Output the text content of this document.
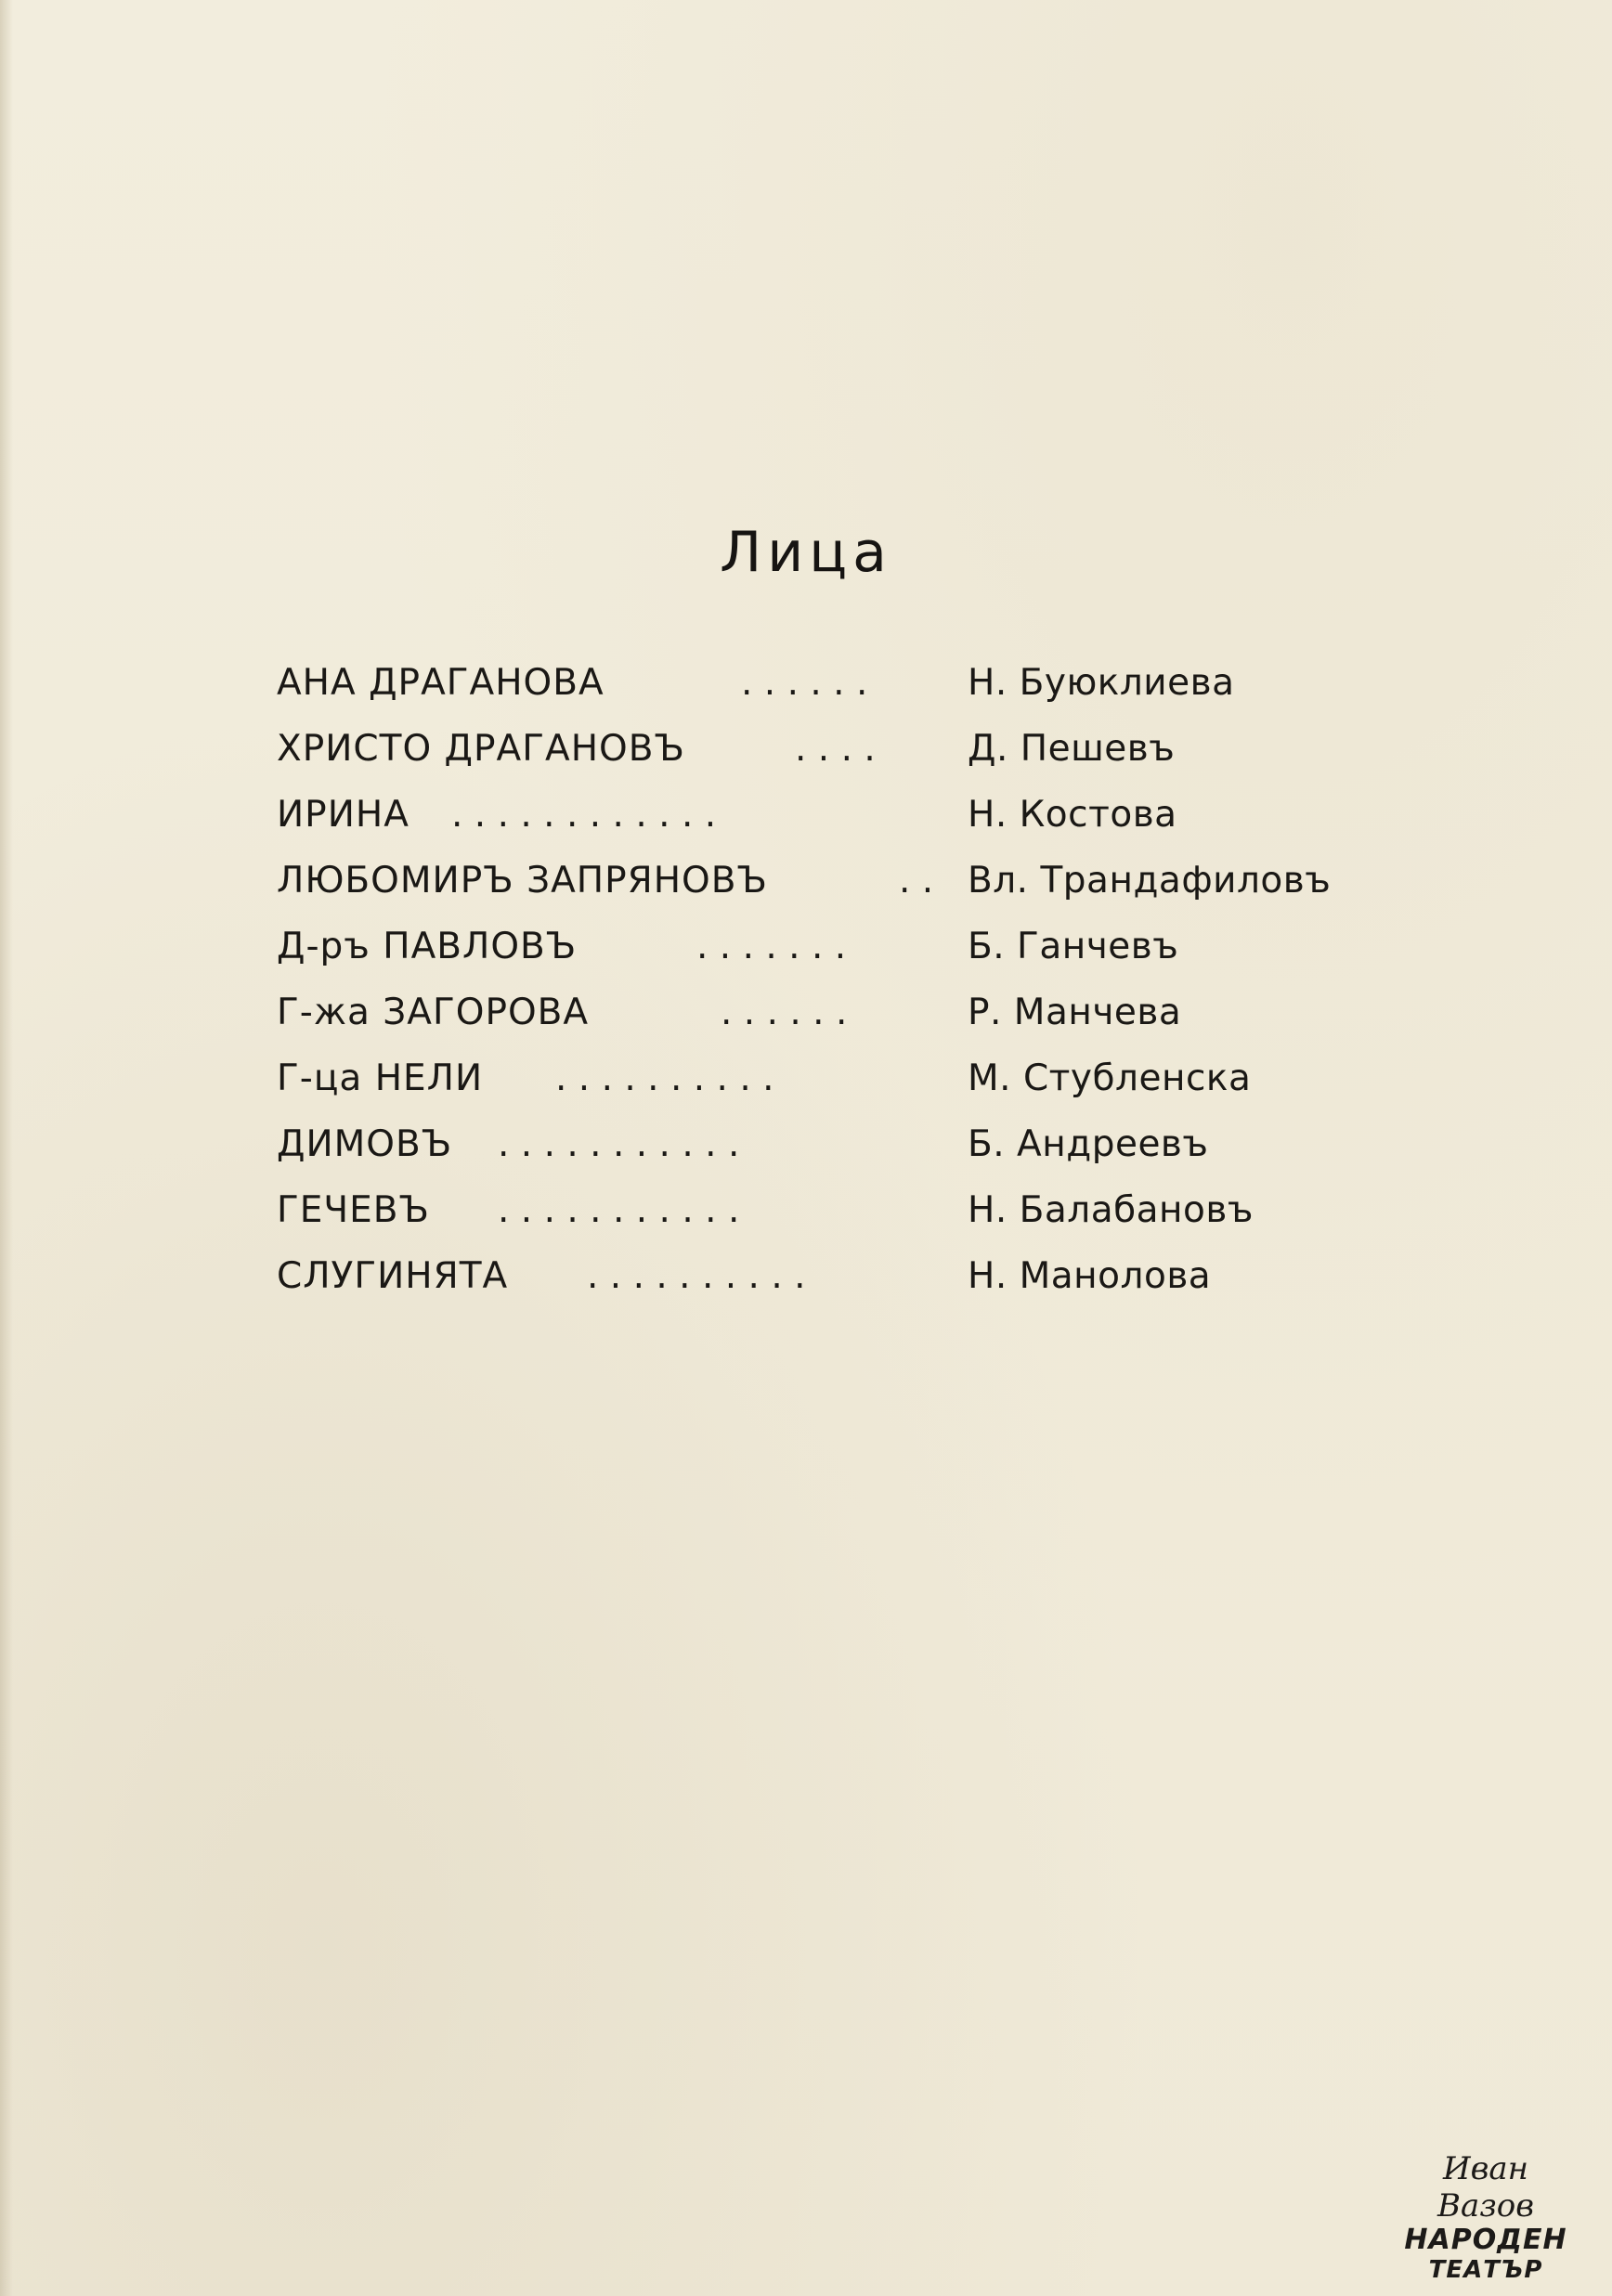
Лица
АНА ДРАГАНОВА	. . . . . .	Н. Буюклиева
ХРИСТО ДРАГАНОВЪ	. . . .	Д. Пешевъ
ИРИНА . . . . . . . . . . . .	Н. Костова
ЛЮБОМИРЪ ЗАПРЯНОВЪ	. . Вл. Трандафиловъ
Д-ръ ПАВЛОВЪ	. . . . . . .	Б. Ганчевъ
Г-жа ЗАГОРОВА	. . . . . .	Р. Манчева
Г-ца НЕЛИ . . . . . . . . . .	М. Стубленска
ДИМОВЪ . . . . . . . . . . .	Б. Андреевъ
ГЕЧЕВЪ . . . . . . . . . . .	Н. Балабановъ
СЛУГИНЯТА . . . . . . . . . .	Н. Манолова
Иван Вазов
НАРОДЕН
ТЕАТЪР
